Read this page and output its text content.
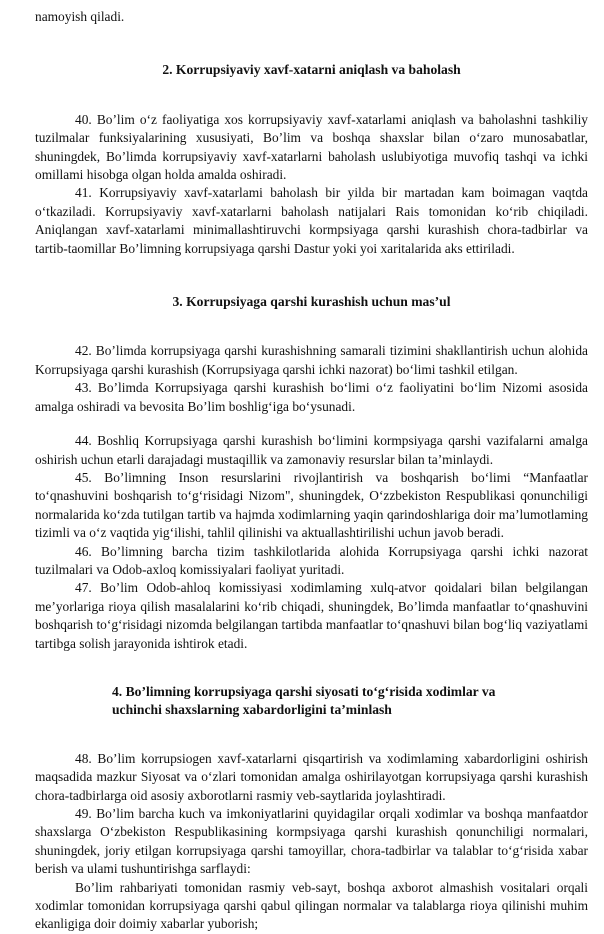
namoyish qiladi.

2. Korrupsiyaviy xavf-xatarni aniqlash va baholash

40. Bo’lim o‘z faoliyatiga xos korrupsiyaviy xavf-xatarlami aniqlash va baholashni tashkiliy tuzilmalar funksiyalarining xususiyati, Bo’lim va boshqa shaxslar bilan o‘zaro munosabatlar, shuningdek, Bo’limda korrupsiyaviy xavf-xatarlarni baholash uslubiyotiga muvofiq tashqi va ichki omillami hisobga olgan holda amalda oshiradi.

41. Korrupsiyaviy xavf-xatarlami baholash bir yilda bir martadan kam boimagan vaqtda o‘tkaziladi. Korrupsiyaviy xavf-xatarlarni baholash natijalari Rais tomonidan ko‘rib chiqiladi. Aniqlangan xavf-xatarlami minimallashtiruvchi kormpsiyaga qarshi kurashish chora-tadbirlar va tartib-taomillar Bo’limning korrupsiyaga qarshi Dastur yoki yoi xaritalarida aks ettiriladi.

3. Korrupsiyaga qarshi kurashish uchun mas’ul

42. Bo’limda korrupsiyaga qarshi kurashishning samarali tizimini shakllantirish uchun alohida Korrupsiyaga qarshi kurashish (Korrupsiyaga qarshi ichki nazorat) bo‘limi tashkil etilgan.

43. Bo’limda Korrupsiyaga qarshi kurashish bo‘limi o‘z faoliyatini bo‘lim Nizomi asosida amalga oshiradi va bevosita Bo’lim boshlig‘iga bo‘ysunadi.

44. Boshliq Korrupsiyaga qarshi kurashish bo‘limini kormpsiyaga qarshi vazifalarni amalga oshirish uchun etarli darajadagi mustaqillik va zamonaviy resurslar bilan ta’minlaydi.

45. Bo’limning Inson resurslarini rivojlantirish va boshqarish bo‘limi “Manfaatlar to‘qnashuvini boshqarish to‘g‘risidagi Nizom", shuningdek, O‘zzbekiston Respublikasi qonunchiligi normalarida ko‘zda tutilgan tartib va hajmda xodimlarning yaqin qarindoshlariga doir ma’lumotlaming tizimli va o‘z vaqtida yig‘ilishi, tahlil qilinishi va aktuallashtirilishi uchun javob beradi.

46. Bo’limning barcha tizim tashkilotlarida alohida Korrupsiyaga qarshi ichki nazorat tuzilmalari va Odob-axloq komissiyalari faoliyat yuritadi.

47. Bo’lim Odob-ahloq komissiyasi xodimlaming xulq-atvor qoidalari bilan belgilangan me’yorlariga rioya qilish masalalarini ko‘rib chiqadi, shuningdek, Bo’limda manfaatlar to‘qnashuvini boshqarish to‘g‘risidagi nizomda belgilangan tartibda manfaatlar to‘qnashuvi bilan bog‘liq vaziyatlami tartibga solish jarayonida ishtirok etadi.

4. Bo’limning korrupsiyaga qarshi siyosati to‘g‘risida xodimlar va
uchinchi shaxslarning xabardorligini ta’minlash

48. Bo’lim korrupsiogen xavf-xatarlarni qisqartirish va xodimlaming xabardorligini oshirish maqsadida mazkur Siyosat va o‘zlari tomonidan amalga oshirilayotgan korrupsiyaga qarshi kurashish chora-tadbirlarga oid asosiy axborotlarni rasmiy veb-saytlarida joylashtiradi.

49. Bo’lim barcha kuch va imkoniyatlarini quyidagilar orqali xodimlar va boshqa manfaatdor shaxslarga O‘zbekiston Respublikasining kormpsiyaga qarshi kurashish qonunchiligi normalari, shuningdek, joriy etilgan korrupsiyaga qarshi tamoyillar, chora-tadbirlar va talablar to‘g‘risida xabar berish va ulami tushuntirishga sarflaydi:

Bo’lim rahbariyati tomonidan rasmiy veb-sayt, boshqa axborot almashish vositalari orqali xodimlar tomonidan korrupsiyaga qarshi qabul qilingan normalar va talablarga rioya qilinishi muhim ekanligiga doir doimiy xabarlar yuborish;
